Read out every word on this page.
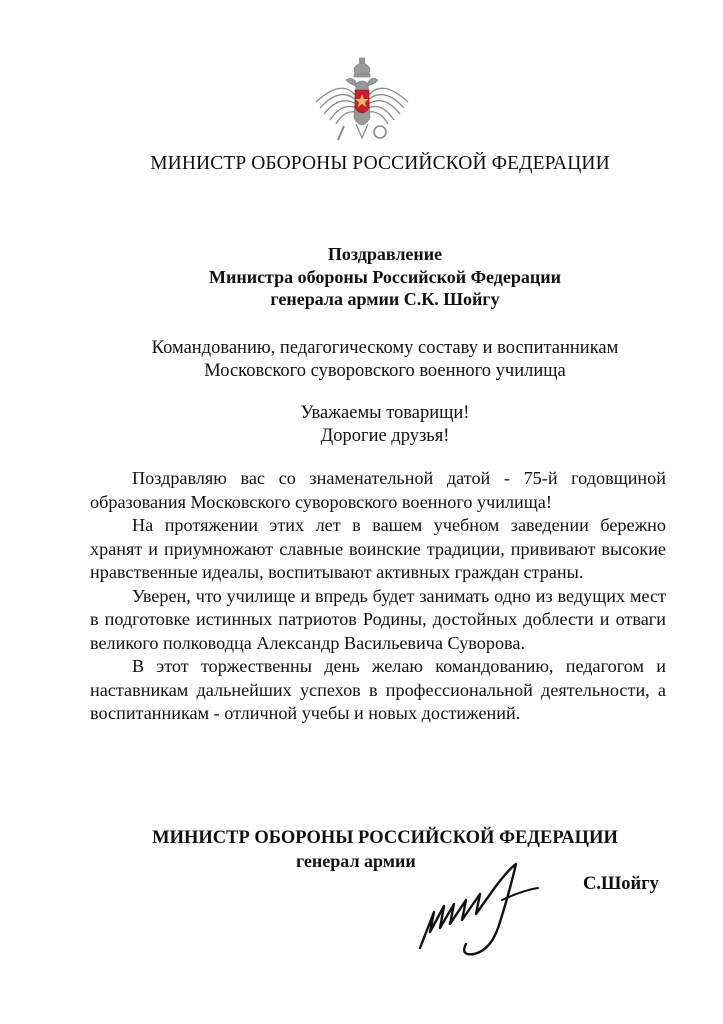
МИНИСТР ОБОРОНЫ РОССИЙСКОЙ ФЕДЕРАЦИИ
Поздравление
Министра обороны Российской Федерации
генерала армии С.К. Шойгу
Командованию, педагогическому составу и воспитанникам
Московского суворовского военного училища
Уважаемы товарищи!
Дорогие друзья!

Поздравляю вас со знаменательной датой - 75-й годовщиной образования Московского суворовского военного училища!

На протяжении этих лет в вашем учебном заведении бережно хранят и приумножают славные воинские традиции, прививают высокие нравственные идеалы, воспитывают активных граждан страны.

Уверен, что училище и впредь будет занимать одно из ведущих мест в подготовке истинных патриотов Родины, достойных доблести и отваги великого полководца Александр Васильевича Суворова.

В этот торжественны день желаю командованию, педагогом и наставникам дальнейших успехов в профессиональной деятельности, а воспитанникам - отличной учебы и новых достижений.

МИНИСТР ОБОРОНЫ РОССИЙСКОЙ ФЕДЕРАЦИИ
генерал армии
С.Шойгу
